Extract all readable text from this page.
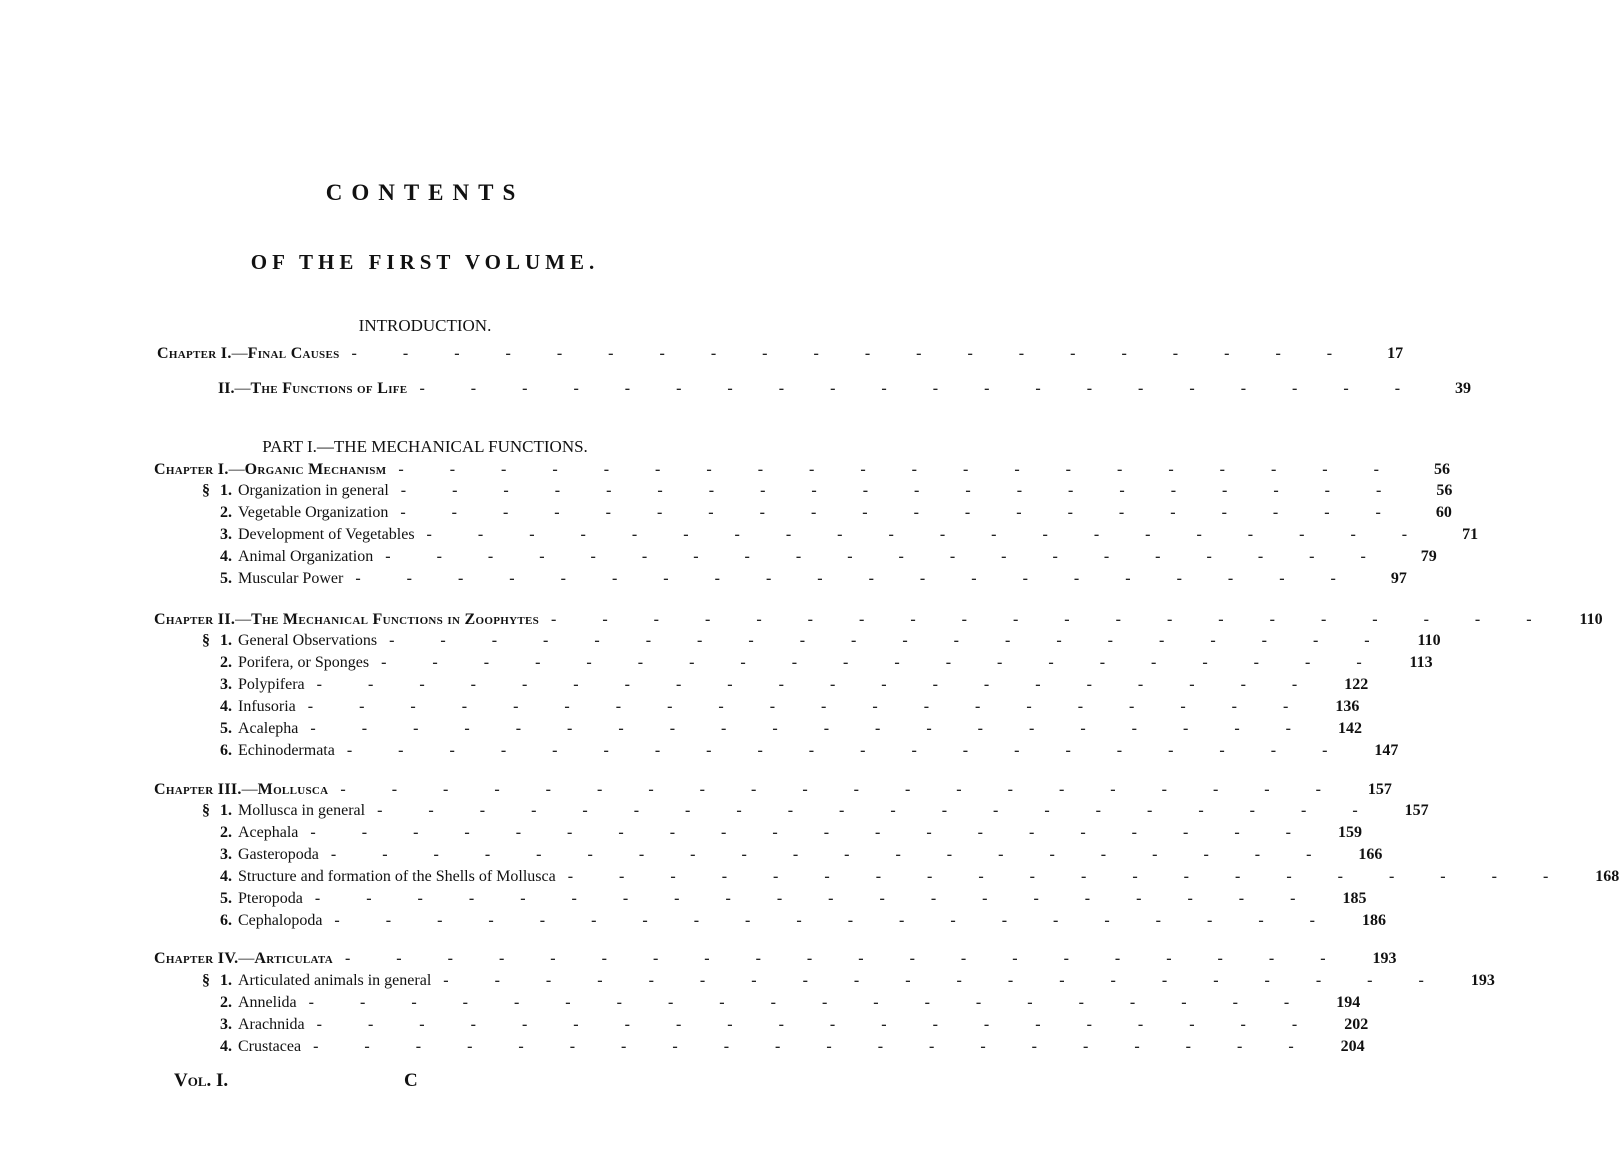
CONTENTS
OF THE FIRST VOLUME.
INTRODUCTION.
PART I.—THE MECHANICAL FUNCTIONS.
Chapter I.—Final Causes - - - - - - - - - - - - - - - - - - - -	17
II.—The Functions of Life - - - - - - - - - - - - - - - - - - - -	39
Chapter I.—Organic Mechanism - - - - - - - - - - - - - - - - - - - -	56
§ 1. Organization in general - - - - - - - - - - - - - - - - - - - -	56
2. Vegetable Organization - - - - - - - - - - - - - - - - - - - -	60
3. Development of Vegetables - - - - - - - - - - - - - - - - - - - -	71
4. Animal Organization - - - - - - - - - - - - - - - - - - - -	79
5. Muscular Power - - - - - - - - - - - - - - - - - - - -	97
Chapter II.—The Mechanical Functions in Zoophytes - - - - - - - - - - - - - - - - - - - -	110
§ 1. General Observations - - - - - - - - - - - - - - - - - - - -	110
2. Porifera, or Sponges - - - - - - - - - - - - - - - - - - - -	113
3. Polypifera - - - - - - - - - - - - - - - - - - - -	122
4. Infusoria - - - - - - - - - - - - - - - - - - - -	136
5. Acalepha - - - - - - - - - - - - - - - - - - - -	142
6. Echinodermata - - - - - - - - - - - - - - - - - - - -	147
Chapter III.—Mollusca - - - - - - - - - - - - - - - - - - - -	157
§ 1. Mollusca in general - - - - - - - - - - - - - - - - - - - -	157
2. Acephala - - - - - - - - - - - - - - - - - - - -	159
3. Gasteropoda - - - - - - - - - - - - - - - - - - - -	166
4. Structure and formation of the Shells of Mollusca - - - - - - - - - - - - - - - - - - - -	168
5. Pteropoda - - - - - - - - - - - - - - - - - - - -	185
6. Cephalopoda - - - - - - - - - - - - - - - - - - - -	186
Chapter IV.—Articulata - - - - - - - - - - - - - - - - - - - -	193
§ 1. Articulated animals in general - - - - - - - - - - - - - - - - - - - -	193
2. Annelida - - - - - - - - - - - - - - - - - - - -	194
3. Arachnida - - - - - - - - - - - - - - - - - - - -	202
4. Crustacea - - - - - - - - - - - - - - - - - - - -	204
Vol. I.	C
